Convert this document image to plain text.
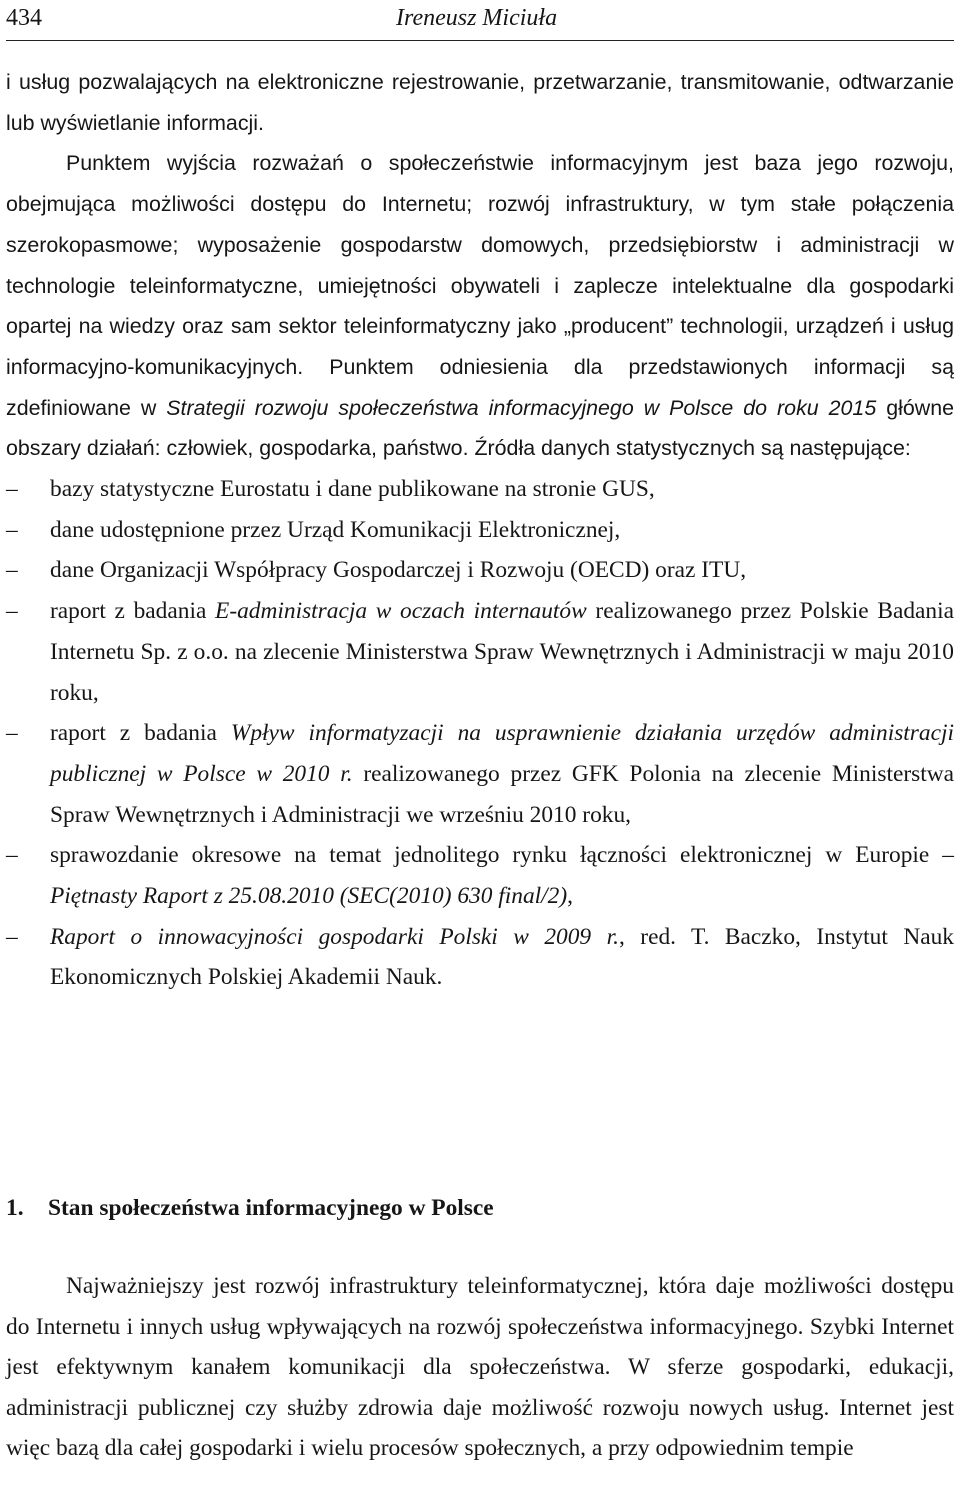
434	Ireneusz Miciuła

i usług pozwalających na elektroniczne rejestrowanie, przetwarzanie, transmitowanie, odtwarzanie lub wyświetlanie informacji.

Punktem wyjścia rozważań o społeczeństwie informacyjnym jest baza jego rozwoju, obejmująca możliwości dostępu do Internetu; rozwój infrastruktury, w tym stałe połączenia szerokopasmowe; wyposażenie gospodarstw domowych, przedsiębiorstw i administracji w technologie teleinformatyczne, umiejętności obywateli i zaplecze intelektualne dla gospodarki opartej na wiedzy oraz sam sektor teleinformatyczny jako „producent” technologii, urządzeń i usług informacyjno-komunikacyjnych. Punktem odniesienia dla przedstawionych informacji są zdefiniowane w Strategii rozwoju społeczeństwa informacyjnego w Polsce do roku 2015 główne obszary działań: człowiek, gospodarka, państwo. Źródła danych statystycznych są następujące:

– bazy statystyczne Eurostatu i dane publikowane na stronie GUS,
– dane udostępnione przez Urząd Komunikacji Elektronicznej,
– dane Organizacji Współpracy Gospodarczej i Rozwoju (OECD) oraz ITU,
– raport z badania E-administracja w oczach internautów realizowanego przez Polskie Badania Internetu Sp. z o.o. na zlecenie Ministerstwa Spraw Wewnętrznych i Administracji w maju 2010 roku,
– raport z badania Wpływ informatyzacji na usprawnienie działania urzędów administracji publicznej w Polsce w 2010 r. realizowanego przez GFK Polonia na zlecenie Ministerstwa Spraw Wewnętrznych i Administracji we wrześniu 2010 roku,
– sprawozdanie okresowe na temat jednolitego rynku łączności elektronicznej w Europie – Piętnasty Raport z 25.08.2010 (SEC(2010) 630 final/2),
– Raport o innowacyjności gospodarki Polski w 2009 r., red. T. Baczko, Instytut Nauk Ekonomicznych Polskiej Akademii Nauk.
1. Stan społeczeństwa informacyjnego w Polsce

Najważniejszy jest rozwój infrastruktury teleinformatycznej, która daje możliwości dostępu do Internetu i innych usług wpływających na rozwój społeczeństwa informacyjnego. Szybki Internet jest efektywnym kanałem komunikacji dla społeczeństwa. W sferze gospodarki, edukacji, administracji publicznej czy służby zdrowia daje możliwość rozwoju nowych usług. Internet jest więc bazą dla całej gospodarki i wielu procesów społecznych, a przy odpowiednim tempie
